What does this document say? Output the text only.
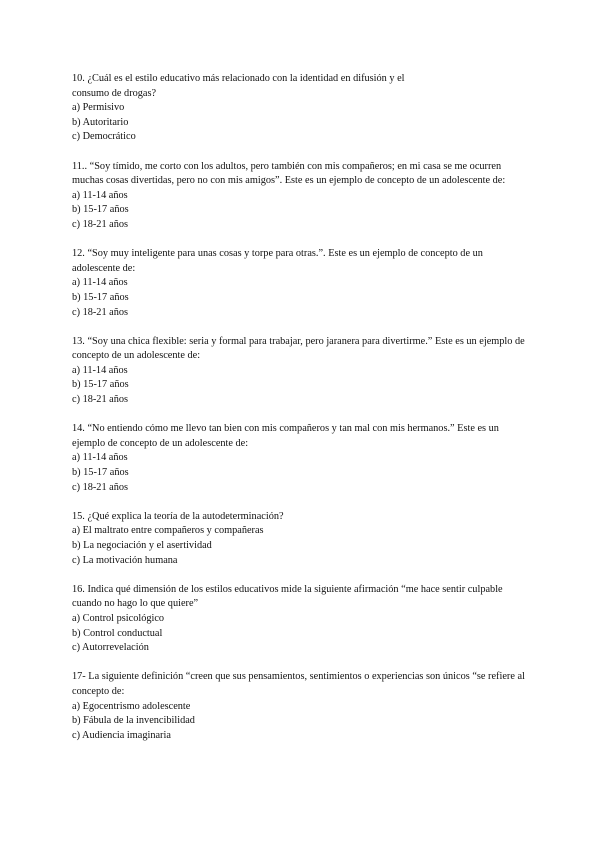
10. ¿Cuál es el estilo educativo más relacionado con la identidad en difusión y el consumo de drogas?

a) Permisivo

b) Autoritario

c) Democrático

11.. “Soy tímido, me corto con los adultos, pero también con mis compañeros; en mi casa se me ocurren muchas cosas divertidas, pero no con mis amigos”. Este es un ejemplo de concepto de un adolescente de:

a) 11-14 años

b) 15-17 años

c) 18-21 años

12. “Soy muy inteligente para unas cosas y torpe para otras.”. Este es un ejemplo de concepto de un adolescente de:

a) 11-14 años

b) 15-17 años

c) 18-21 años

13. “Soy una chica flexible: seria y formal para trabajar, pero jaranera para divertirme.” Este es un ejemplo de concepto de un adolescente de:

a) 11-14 años

b) 15-17 años

c) 18-21 años

14. “No entiendo cómo me llevo tan bien con mis compañeros y tan mal con mis hermanos.” Este es un ejemplo de concepto de un adolescente de:

a) 11-14 años

b) 15-17 años

c) 18-21 años

15. ¿Qué explica la teoría de la autodeterminación?

a) El maltrato entre compañeros y compañeras

b) La negociación y el asertividad

c) La motivación humana

16. Indica qué dimensión de los estilos educativos mide la siguiente afirmación “me hace sentir culpable cuando no hago lo que quiere”

a) Control psicológico

b) Control conductual

c) Autorrevelación

17- La siguiente definición “creen que sus pensamientos, sentimientos o experiencias son únicos “se refiere al concepto de:

a) Egocentrismo adolescente

b) Fábula de la invencibilidad

c) Audiencia imaginaria
